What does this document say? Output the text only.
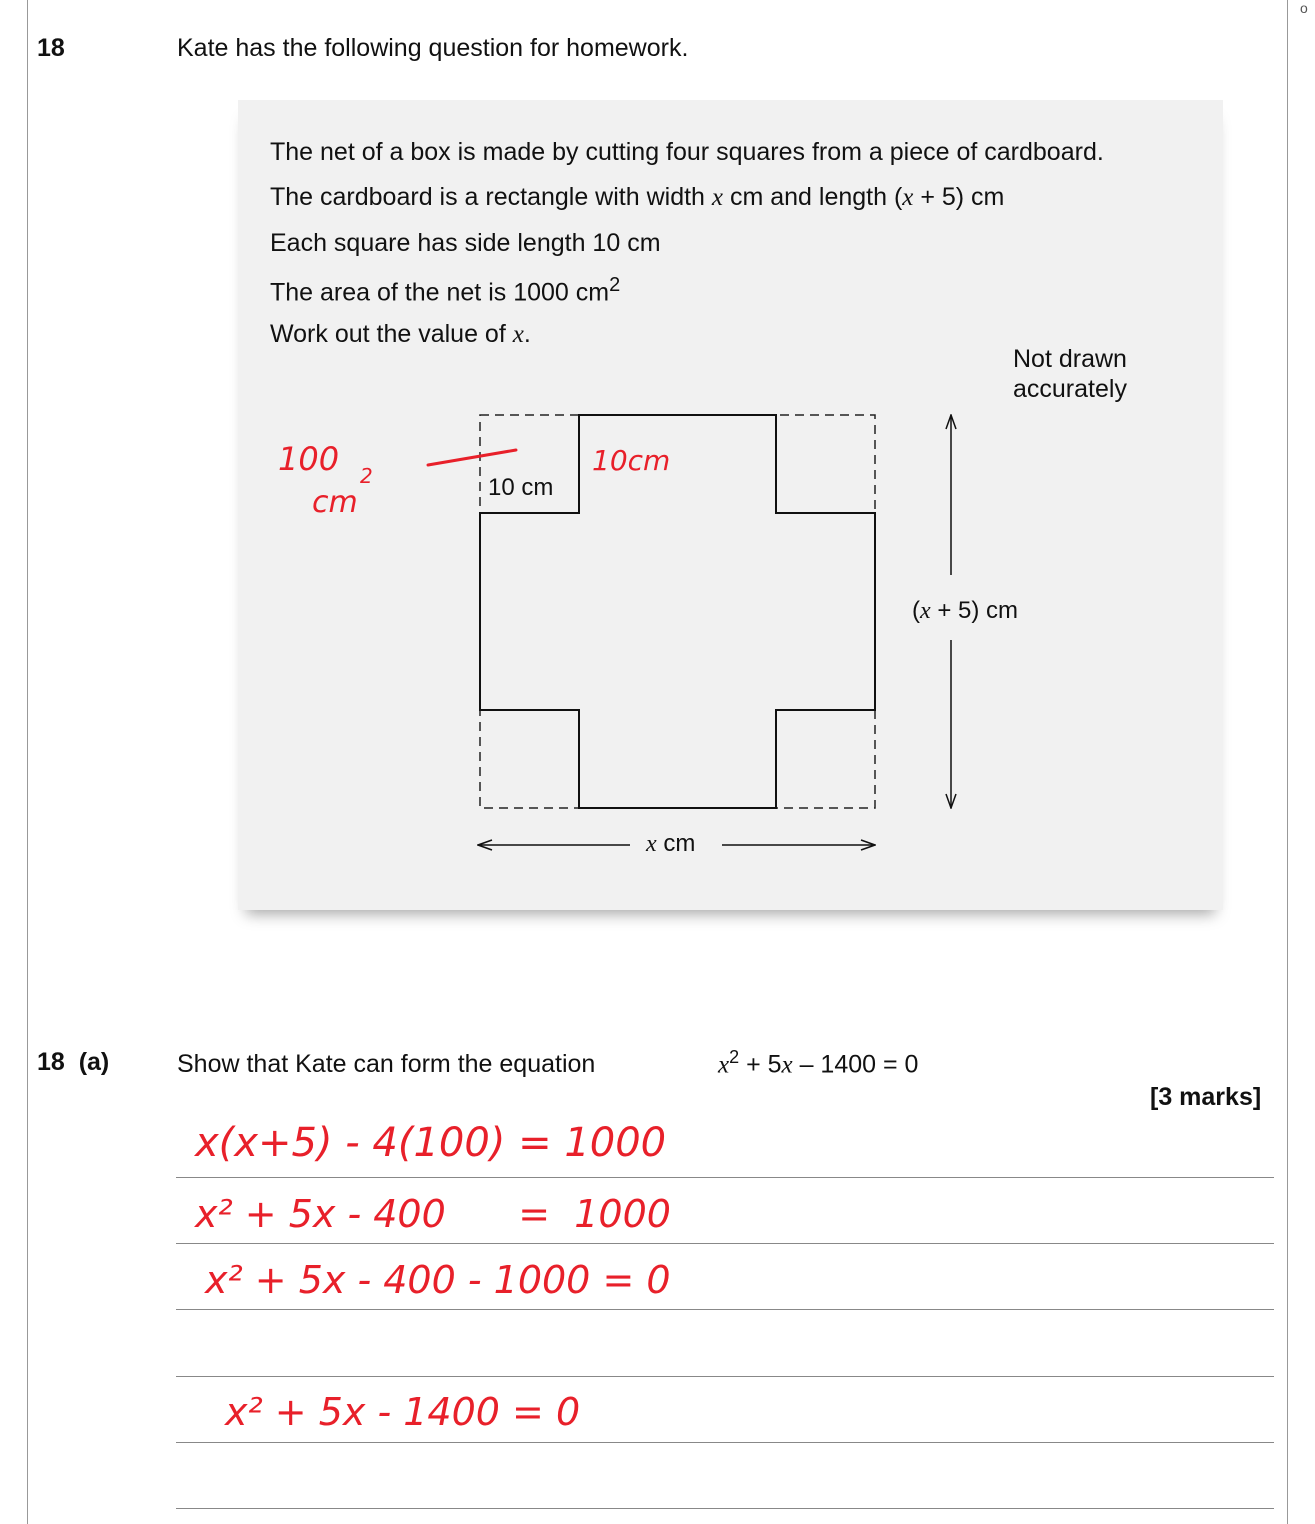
o
18	Kate has the following question for homework.
The net of a box is made by cutting four squares from a piece of cardboard.
The cardboard is a rectangle with width x cm and length (x + 5) cm
Each square has side length 10 cm
The area of the net is 1000 $cm^2$
Work out the value of x.
Not drawn
accurately
10 cm
x cm
(x + 5) cm
100 2
cm
10cm
18  (a)	Show that Kate can form the equation	$x^2 + 5x - 1400 = 0$
[3 marks]
x(x+5) - 4(100) = 1000
x² + 5x - 400      =  1000
x² + 5x - 400 - 1000 = 0
x² + 5x - 1400 = 0
